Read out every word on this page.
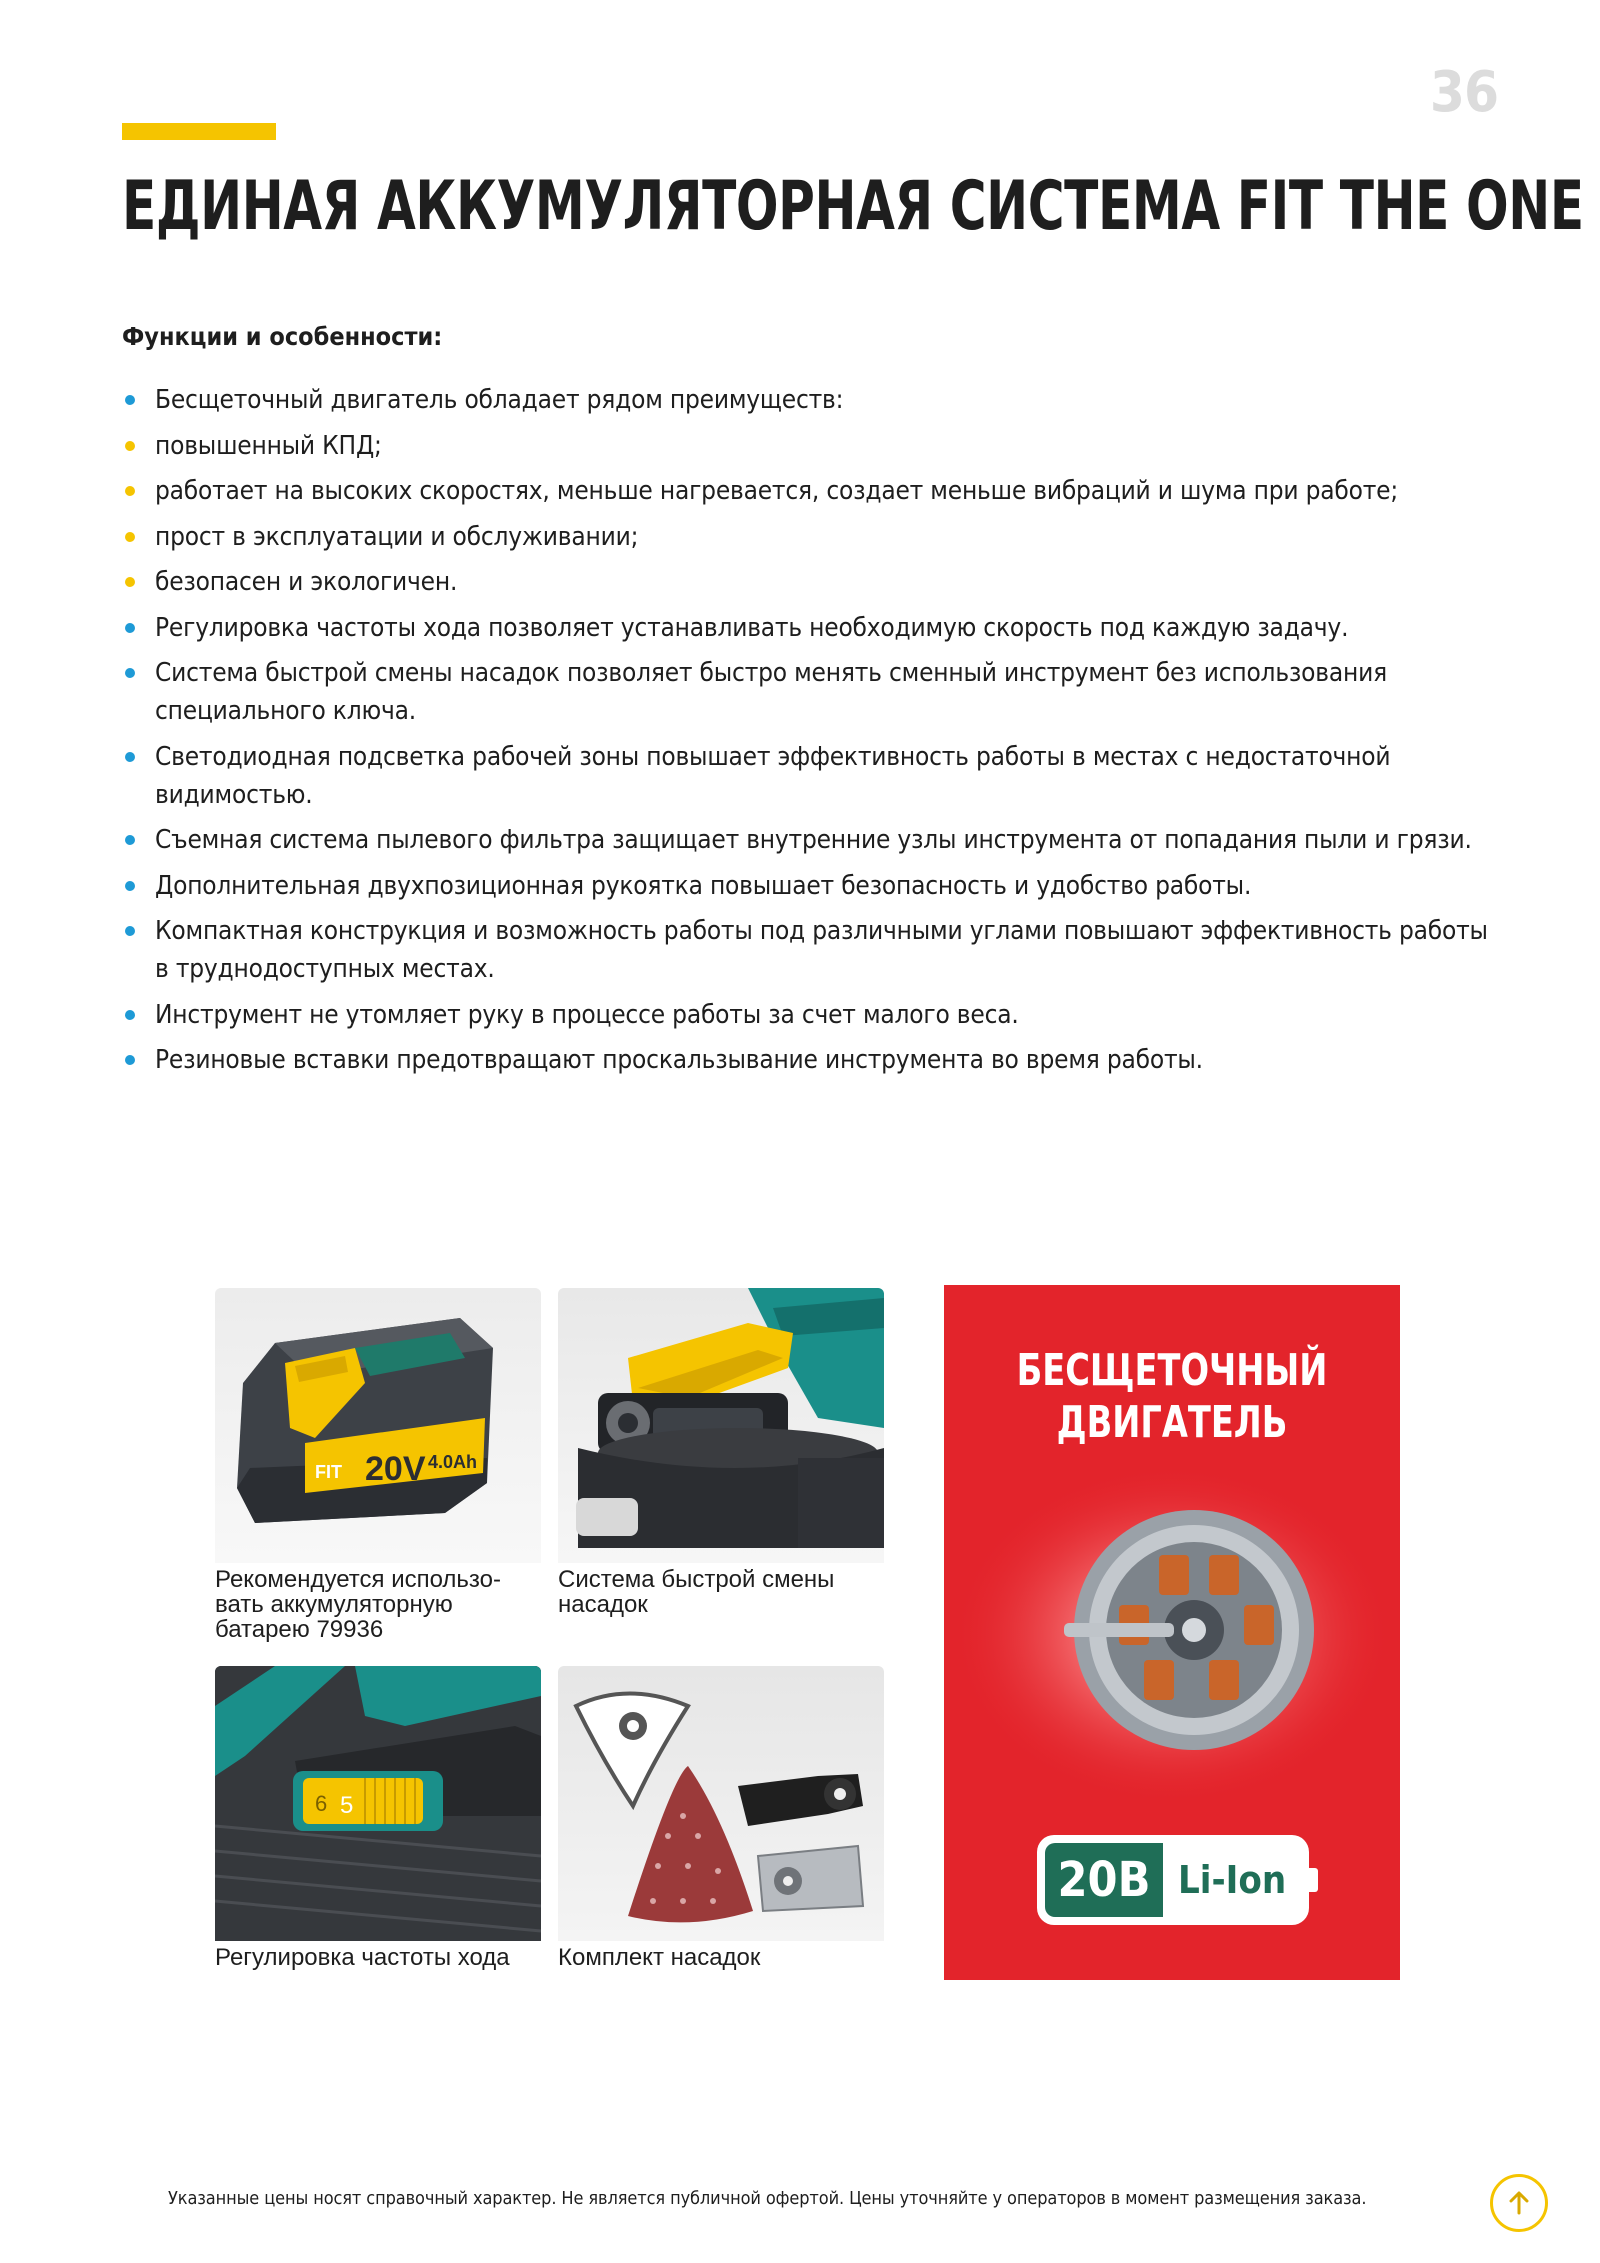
36
ЕДИНАЯ АККУМУЛЯТОРНАЯ СИСТЕМА FIT THE ONE
Функции и особенности:
Бесщеточный двигатель обладает рядом преимуществ:
повышенный КПД;
работает на высоких скоростях, меньше нагревается, создает меньше вибраций и шума при работе;
прост в эксплуатации и обслуживании;
безопасен и экологичен.
Регулировка частоты хода позволяет устанавливать необходимую скорость под каждую задачу.
Система быстрой смены насадок позволяет быстро менять сменный инструмент без использования специального ключа.
Светодиодная подсветка рабочей зоны повышает эффективность работы в местах с недостаточной видимостью.
Съемная система пылевого фильтра защищает внутренние узлы инструмента от попадания пыли и грязи.
Дополнительная двухпозиционная рукоятка повышает безопасность и удобство работы.
Компактная конструкция и возможность работы под различными углами повышают эффективность работы в труднодоступных местах.
Инструмент не утомляет руку в процессе работы за счет малого веса.
Резиновые вставки предотвращают проскальзывание инструмента во время работы.
FIT 20V 4.0Ah
Рекомендуется использо-вать аккумуляторную батарею 79936
Система быстрой смены насадок
6 5
Регулировка частоты хода	Комплект насадок
БЕСЩЕТОЧНЫЙ
ДВИГАТЕЛЬ
20В Li-Ion
Указанные цены носят справочный характер. Не является публичной офертой. Цены уточняйте у операторов в момент размещения заказа.
